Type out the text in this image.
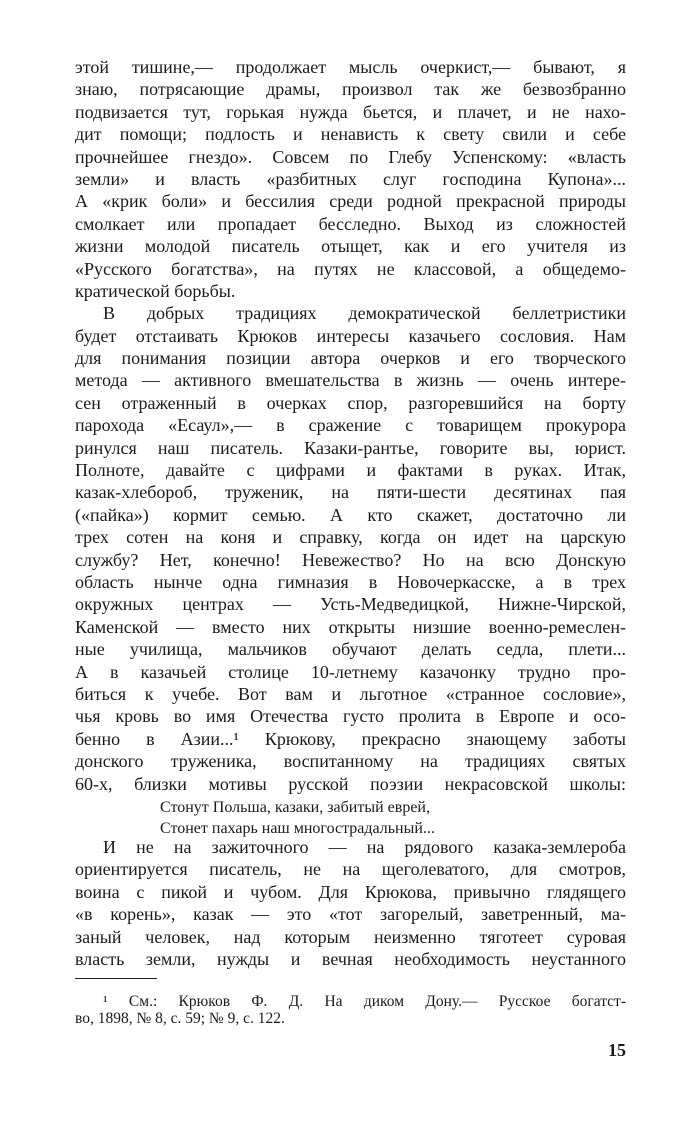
этой тишине,— продолжает мысль очеркист,— бывают, я
знаю, потрясающие драмы, произвол так же безвозбранно
подвизается тут, горькая нужда бьется, и плачет, и не нахо-
дит помощи; подлость и ненависть к свету свили и себе
прочнейшее гнездо». Совсем по Глебу Успенскому: «власть
земли» и власть «разбитных слуг господина Купона»...
А «крик боли» и бессилия среди родной прекрасной природы
смолкает или пропадает бесследно. Выход из сложностей
жизни молодой писатель отыщет, как и его учителя из
«Русского богатства», на путях не классовой, а общедемо-
кратической борьбы.
В добрых традициях демократической беллетристики
будет отстаивать Крюков интересы казачьего сословия. Нам
для понимания позиции автора очерков и его творческого
метода — активного вмешательства в жизнь — очень интере-
сен отраженный в очерках спор, разгоревшийся на борту
парохода «Есаул»,— в сражение с товарищем прокурора
ринулся наш писатель. Казаки-рантье, говорите вы, юрист.
Полноте, давайте с цифрами и фактами в руках. Итак,
казак-хлебороб, труженик, на пяти-шести десятинах пая
(«пайка») кормит семью. А кто скажет, достаточно ли
трех сотен на коня и справку, когда он идет на царскую
службу? Нет, конечно! Невежество? Но на всю Донскую
область нынче одна гимназия в Новочеркасске, а в трех
окружных центрах — Усть-Медведицкой, Нижне-Чирской,
Каменской — вместо них открыты низшие военно-ремеслен-
ные училища, мальчиков обучают делать седла, плети...
А в казачьей столице 10-летнему казачонку трудно про-
биться к учебе. Вот вам и льготное «странное сословие»,
чья кровь во имя Отечества густо пролита в Европе и осо-
бенно в Азии...¹ Крюкову, прекрасно знающему заботы
донского труженика, воспитанному на традициях святых
60-х, близки мотивы русской поэзии некрасовской школы:
Стонут Польша, казаки, забитый еврей,
Стонет пахарь наш многострадальный...
И не на зажиточного — на рядового казака-землероба
ориентируется писатель, не на щеголеватого, для смотров,
воина с пикой и чубом. Для Крюкова, привычно глядящего
«в корень», казак — это «тот загорелый, заветренный, ма-
заный человек, над которым неизменно тяготеет суровая
власть земли, нужды и вечная необходимость неустанного
¹ См.: Крюков Ф. Д. На диком Дону.— Русское богатст-
во, 1898, № 8, с. 59; № 9, с. 122.
15
